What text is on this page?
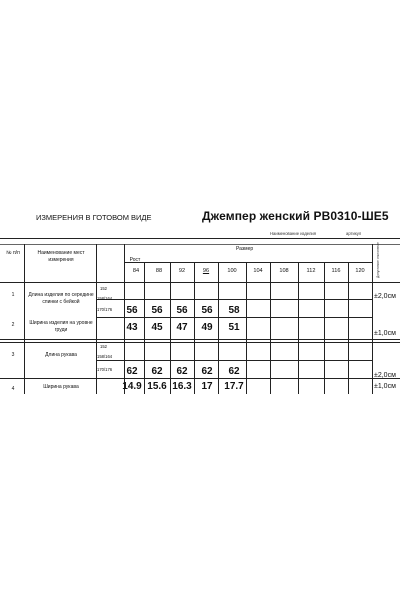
ИЗМЕРЕНИЯ В ГОТОВОМ ВИДЕ	Джемпер женский РВ0310-ШЕ5
Наименование изделия	артикул
№ п/п	Наименование мест измерения	Рост
Размер	Допустимое отклонение
84	88	92	96	100	104	108	112	116	120
1	Длина изделия по середине спинки с бейкой
152
158/164
170/176	56	56	56	56	58
±2,0см
2	Ширина изделия на уровне груди	43	45	47	49	51
±1,0см
3	Длина рукава
152
158/164
170/176	62	62	62	62	62	±2,0см
4	Ширина рукава	14.9 15.6 16.3 17	17.7	±1,0см
